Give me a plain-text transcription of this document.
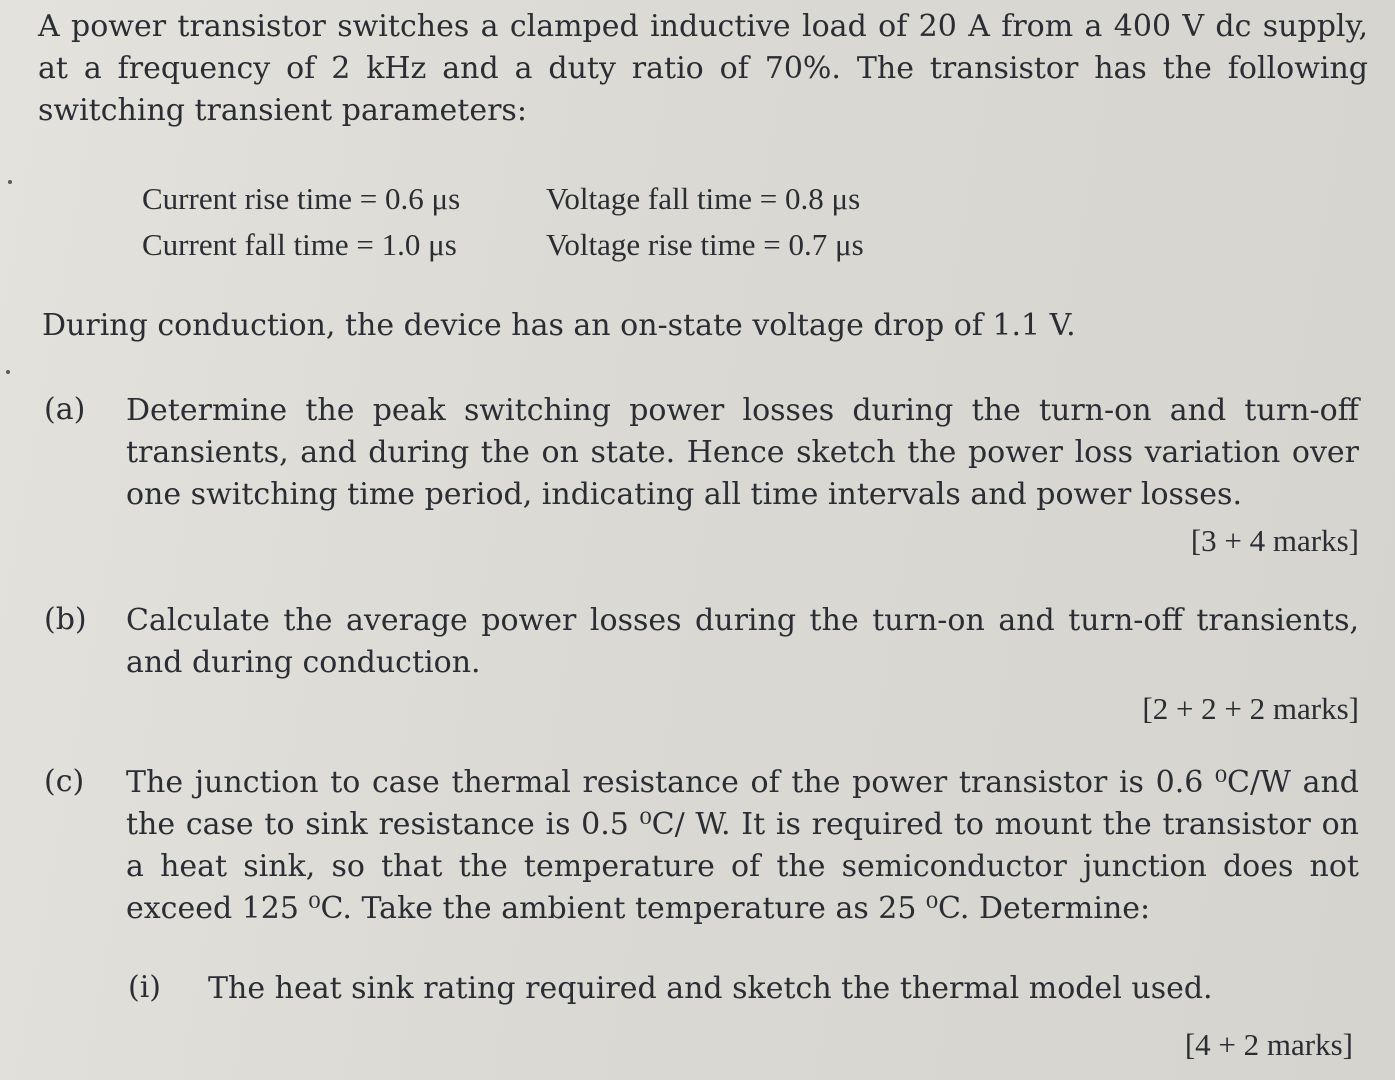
A power transistor switches a clamped inductive load of 20 A from a 400 V dc supply, at a frequency of 2 kHz and a duty ratio of 70%. The transistor has the following switching transient parameters:

Current rise time = 0.6 μs	Voltage fall time = 0.8 μs
Current fall time = 1.0 μs	Voltage rise time = 0.7 μs

During conduction, the device has an on-state voltage drop of 1.1 V.

(a)	Determine the peak switching power losses during the turn-on and turn-off transients, and during the on state. Hence sketch the power loss variation over one switching time period, indicating all time intervals and power losses.
[3 + 4 marks]
(b)	Calculate the average power losses during the turn-on and turn-off transients, and during conduction.
[2 + 2 + 2 marks]
(c)	The junction to case thermal resistance of the power transistor is 0.6 ⁰C/W and the case to sink resistance is 0.5 ⁰C/ W. It is required to mount the transistor on a heat sink, so that the temperature of the semiconductor junction does not exceed 125 ⁰C. Take the ambient temperature as 25 ⁰C. Determine:
(i)	The heat sink rating required and sketch the thermal model used.
[4 + 2 marks]
